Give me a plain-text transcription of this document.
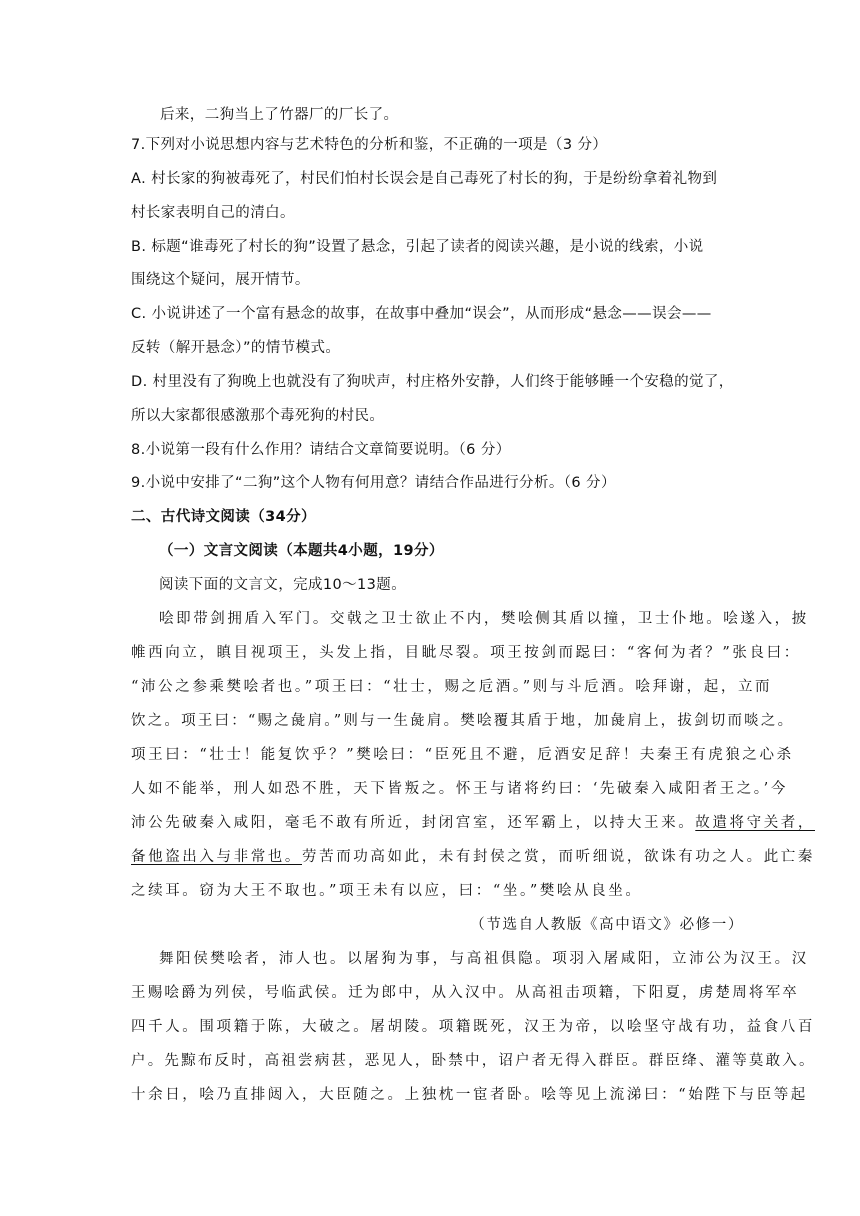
后来，二狗当上了竹器厂的厂长了。
7.下列对小说思想内容与艺术特色的分析和鉴，不正确的一项是（3 分）
A. 村长家的狗被毒死了，村民们怕村长误会是自己毒死了村长的狗，于是纷纷拿着礼物到
村长家表明自己的清白。
B. 标题“谁毒死了村长的狗”设置了悬念，引起了读者的阅读兴趣，是小说的线索，小说
围绕这个疑问，展开情节。
C. 小说讲述了一个富有悬念的故事，在故事中叠加“误会”，从而形成“悬念——误会——
反转（解开悬念）”的情节模式。
D. 村里没有了狗晚上也就没有了狗吠声，村庄格外安静，人们终于能够睡一个安稳的觉了，
所以大家都很感激那个毒死狗的村民。
8.小说第一段有什么作用？请结合文章简要说明。（6 分）
9.小说中安排了“二狗”这个人物有何用意？请结合作品进行分析。（6 分）
二、古代诗文阅读（34分）
（一）文言文阅读（本题共4小题，19分）
阅读下面的文言文，完成10～13题。
哙即带剑拥盾入军门。交戟之卫士欲止不内，樊哙侧其盾以撞，卫士仆地。哙遂入，披
帷西向立，瞋目视项王，头发上指，目眦尽裂。项王按剑而跽曰：“客何为者？”张良曰：
“沛公之参乘樊哙者也。”项王曰：“壮士，赐之卮酒。”则与斗卮酒。哙拜谢，起，立而
饮之。项王曰：“赐之彘肩。”则与一生彘肩。樊哙覆其盾于地，加彘肩上，拔剑切而啖之。
项王曰：“壮士！能复饮乎？”樊哙曰：“臣死且不避，卮酒安足辞！夫秦王有虎狼之心杀
人如不能举，刑人如恐不胜，天下皆叛之。怀王与诸将约曰：‘先破秦入咸阳者王之。’今
沛公先破秦入咸阳，毫毛不敢有所近，封闭宫室，还军霸上，以持大王来。故遣将守关者，
备他盗出入与非常也。劳苦而功高如此，未有封侯之赏，而听细说，欲诛有功之人。此亡秦
之续耳。窃为大王不取也。”项王未有以应，曰：“坐。”樊哙从良坐。
（节选自人教版《高中语文》必修一）
舞阳侯樊哙者，沛人也。以屠狗为事，与高祖俱隐。项羽入屠咸阳，立沛公为汉王。汉
王赐哙爵为列侯，号临武侯。迁为郎中，从入汉中。从高祖击项籍，下阳夏，虏楚周将军卒
四千人。围项籍于陈，大破之。屠胡陵。项籍既死，汉王为帝，以哙坚守战有功，益食八百
户。先黥布反时，高祖尝病甚，恶见人，卧禁中，诏户者无得入群臣。群臣绛、灌等莫敢入。
十余日，哙乃直排闼入，大臣随之。上独枕一宦者卧。哙等见上流涕曰：“始陛下与臣等起
